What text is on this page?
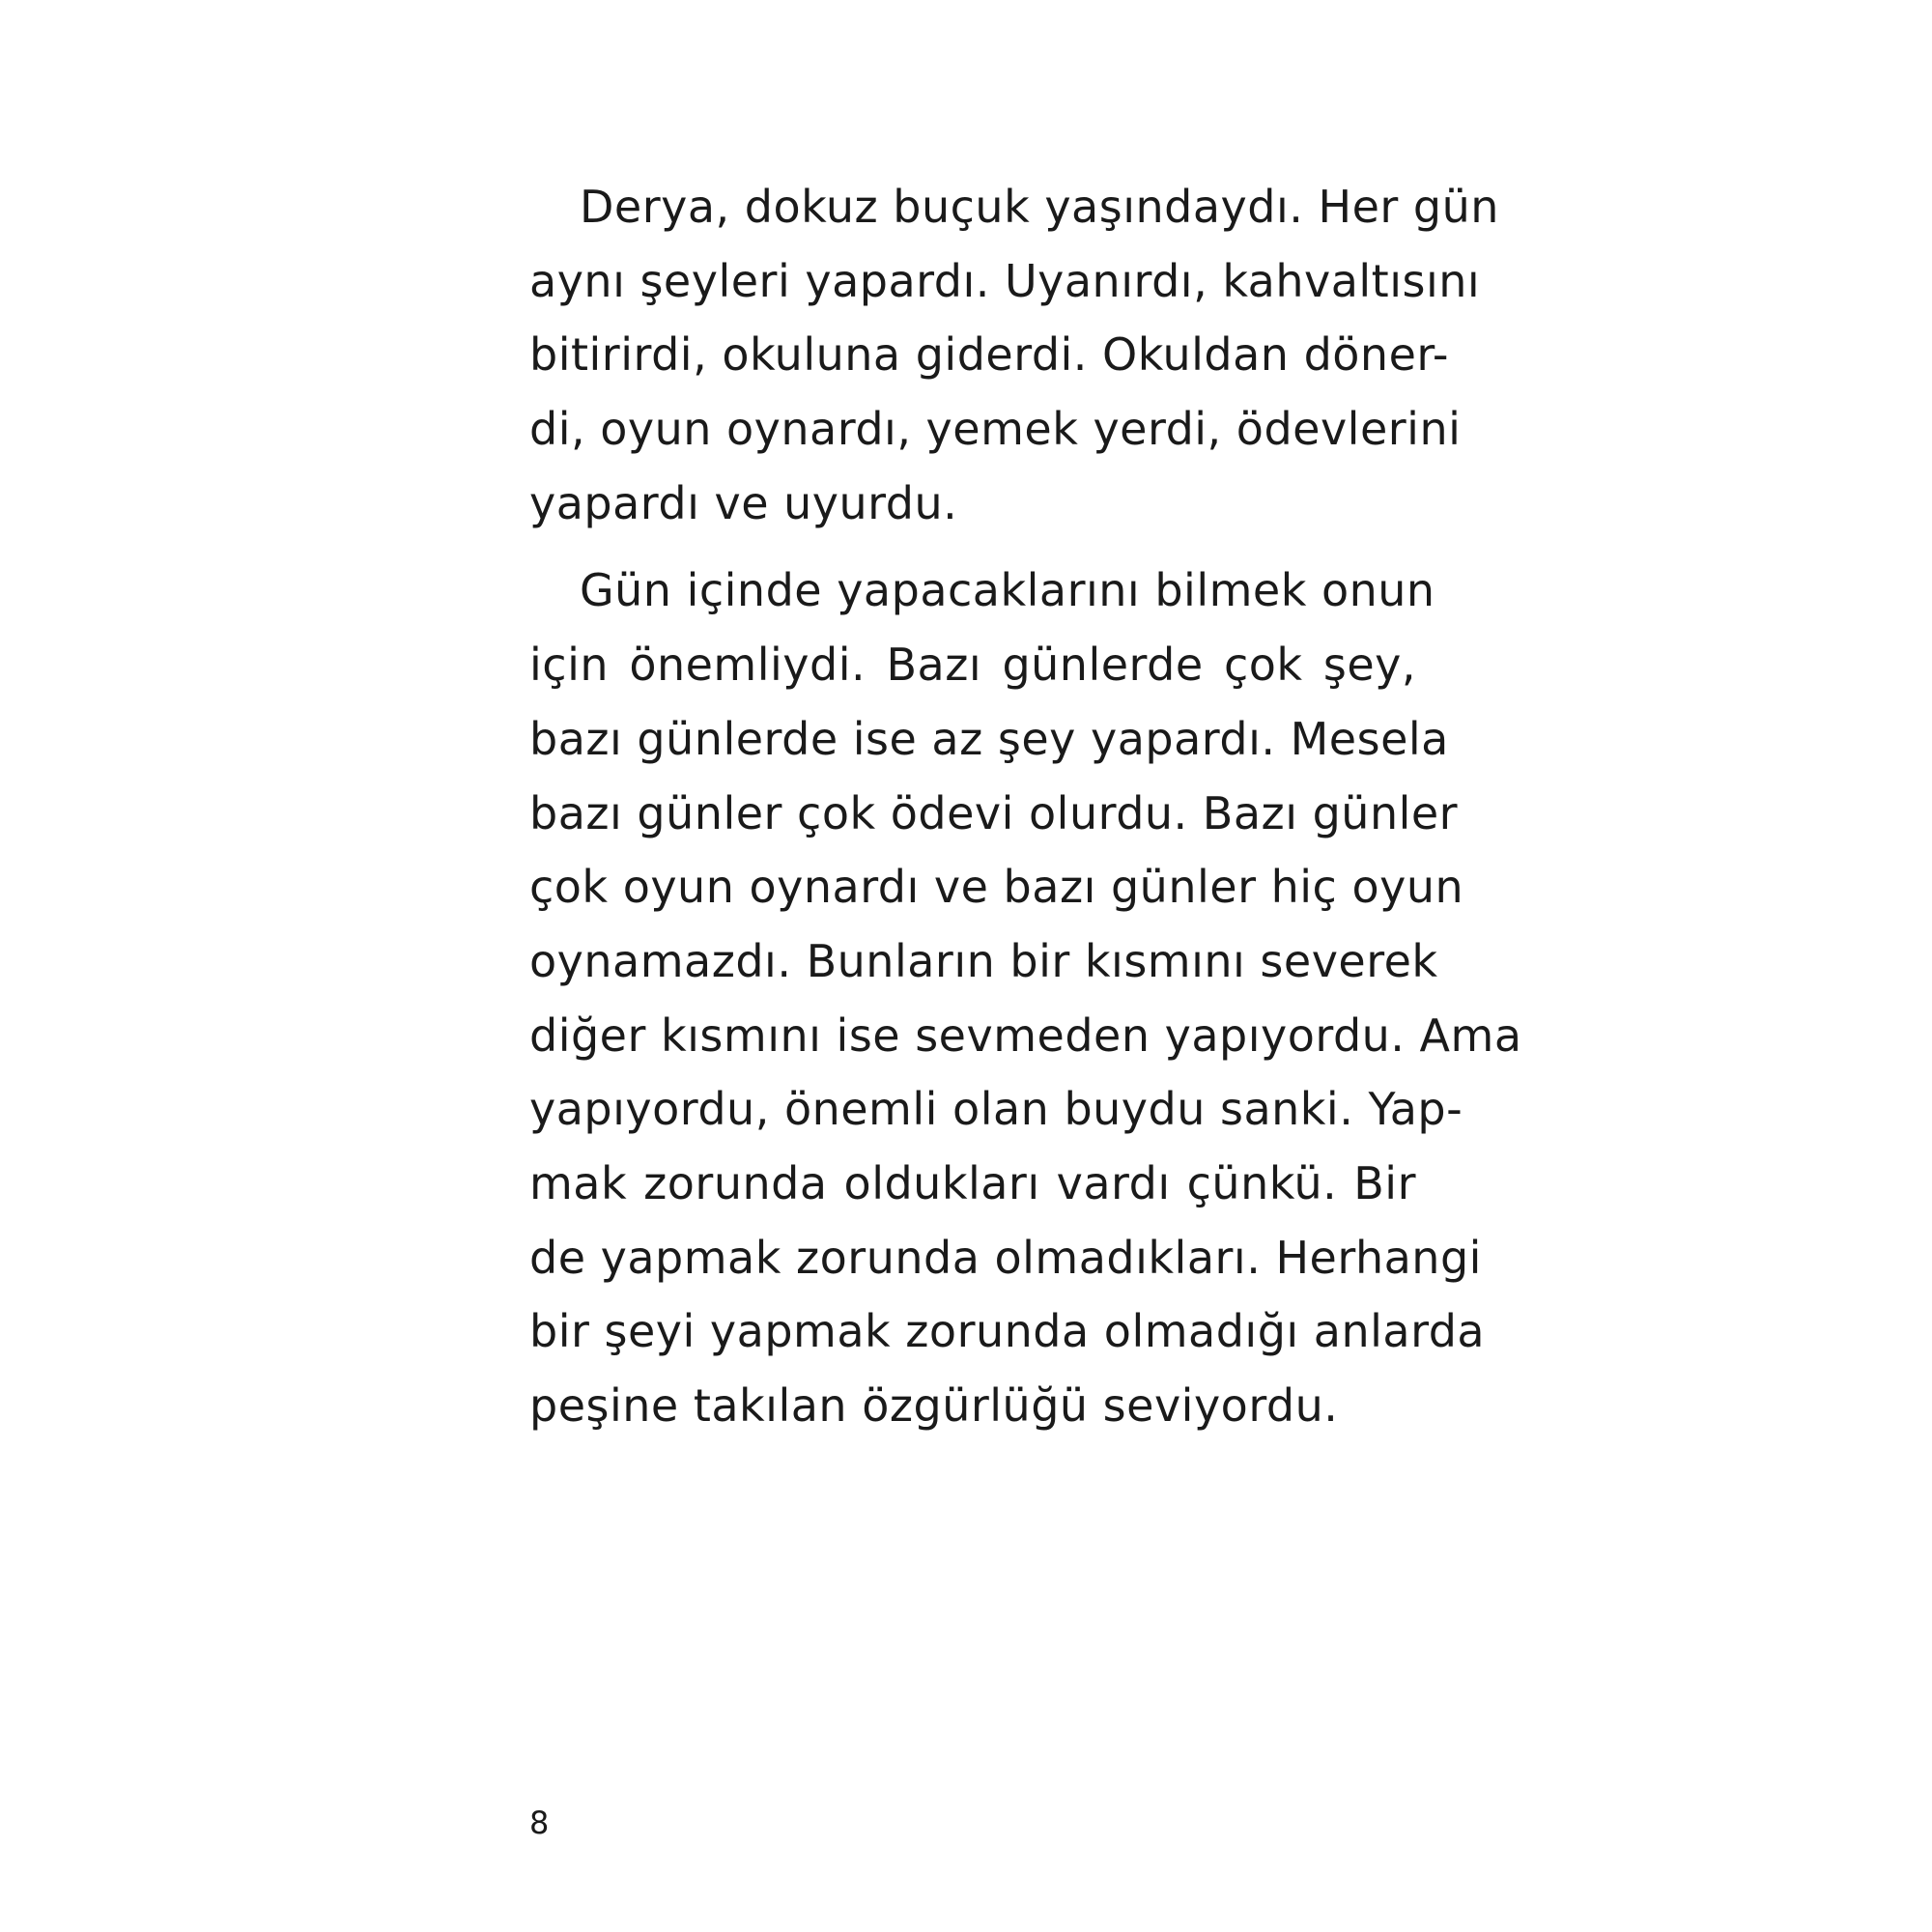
Derya, dokuz buçuk yaşındaydı. Her gün
aynı şeyleri yapardı. Uyanırdı, kahvaltısını
bitirirdi, okuluna giderdi. Okuldan döner-
di, oyun oynardı, yemek yerdi, ödevlerini
yapardı ve uyurdu.
Gün içinde yapacaklarını bilmek onun
için önemliydi. Bazı günlerde çok şey,
bazı günlerde ise az şey yapardı. Mesela
bazı günler çok ödevi olurdu. Bazı günler
çok oyun oynardı ve bazı günler hiç oyun
oynamazdı. Bunların bir kısmını severek
diğer kısmını ise sevmeden yapıyordu. Ama
yapıyordu, önemli olan buydu sanki. Yap-
mak zorunda oldukları vardı çünkü. Bir
de yapmak zorunda olmadıkları. Herhangi
bir şeyi yapmak zorunda olmadığı anlarda
peşine takılan özgürlüğü seviyordu.
8
